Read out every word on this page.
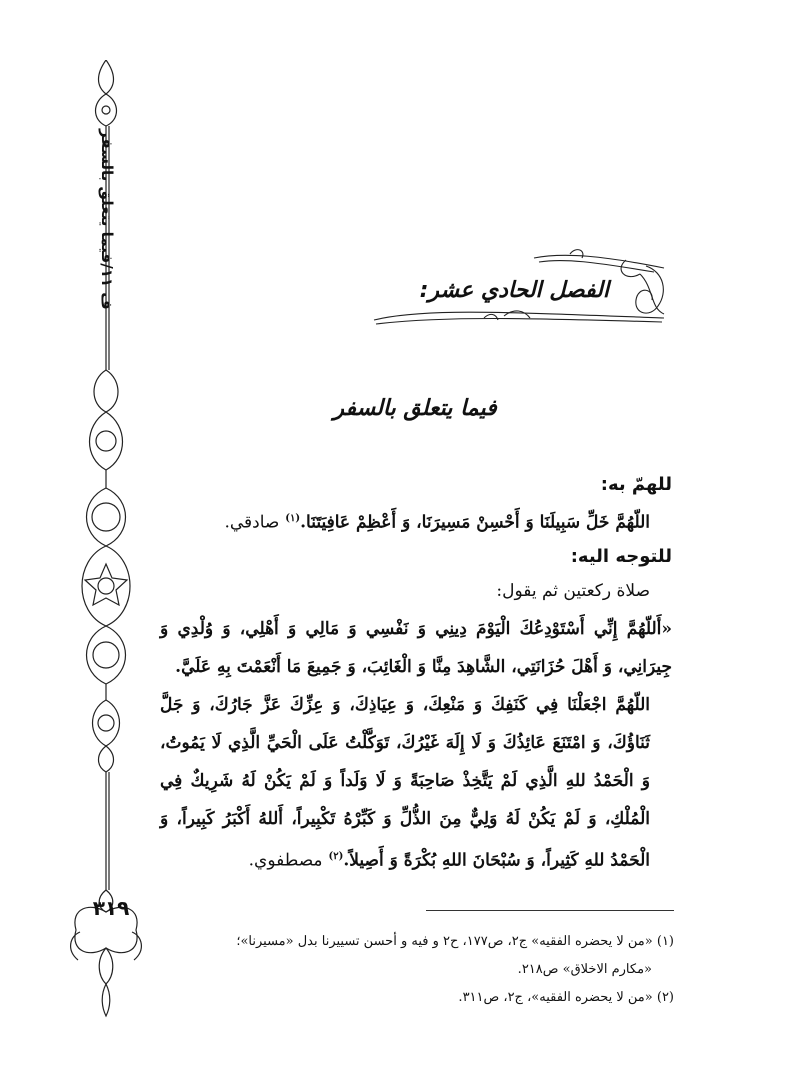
ف ۱۱/فيما يتعلق بالسفر
۳۱۹
الفصل الحادي عشر:
فيما يتعلق بالسفر

للهمّ به:

اللّهُمَّ خَلِّ سَبِيلَنَا وَ أَحْسِنْ مَسِيرَنَا، وَ أَعْظِمْ عَافِيَتَنَا.$^{(۱)}$ صادقي.

للتوجه اليه:

صلاة ركعتين ثم يقول:

«أَللّهُمَّ إِنِّي أَسْتَوْدِعُكَ الْيَوْمَ دِينِي وَ نَفْسِي وَ مَالِي وَ أَهْلِي، وَ وُلْدِي وَ جِيرَانِي، وَ أَهْلَ حُزَانَتِي، الشَّاهِدَ مِنَّا وَ الْغَائِبَ، وَ جَمِيعَ مَا أَنْعَمْتَ بِهِ عَلَيَّ.

اللّهُمَّ اجْعَلْنَا فِي كَنَفِكَ وَ مَنْعِكَ، وَ عِيَاذِكَ، وَ عِزِّكَ عَزَّ جَارُكَ، وَ جَلَّ ثَنَاؤُكَ، وَ امْتَنَعَ عَائِذُكَ وَ لَا إِلَهَ غَيْرُكَ، تَوَكَّلْتُ عَلَى الْحَيِّ الَّذِي لَا يَمُوتُ، وَ الْحَمْدُ للهِ الَّذِي لَمْ يَتَّخِذْ صَاحِبَةً وَ لَا وَلَداً وَ لَمْ يَكُنْ لَهُ شَرِيكٌ فِي الْمُلْكِ، وَ لَمْ يَكُنْ لَهُ وَلِيٌّ مِنَ الذُّلِّ وَ كَبِّرْهُ تَكْبِيراً، أَللهُ أَكْبَرُ كَبِيراً، وَ الْحَمْدُ للهِ كَثِيراً، وَ سُبْحَانَ اللهِ بُكْرَةً وَ أَصِيلاً.$^{(۲)}$ مصطفوي.

(۱) «من لا يحضره الفقيه» ج۲، ص۱۷۷، ح۲ و فيه و أحسن تسييرنا بدل «مسيرنا»؛

«مكارم الاخلاق» ص۲۱۸.

(۲) «من لا يحضره الفقيه»، ج۲، ص۳۱۱.
